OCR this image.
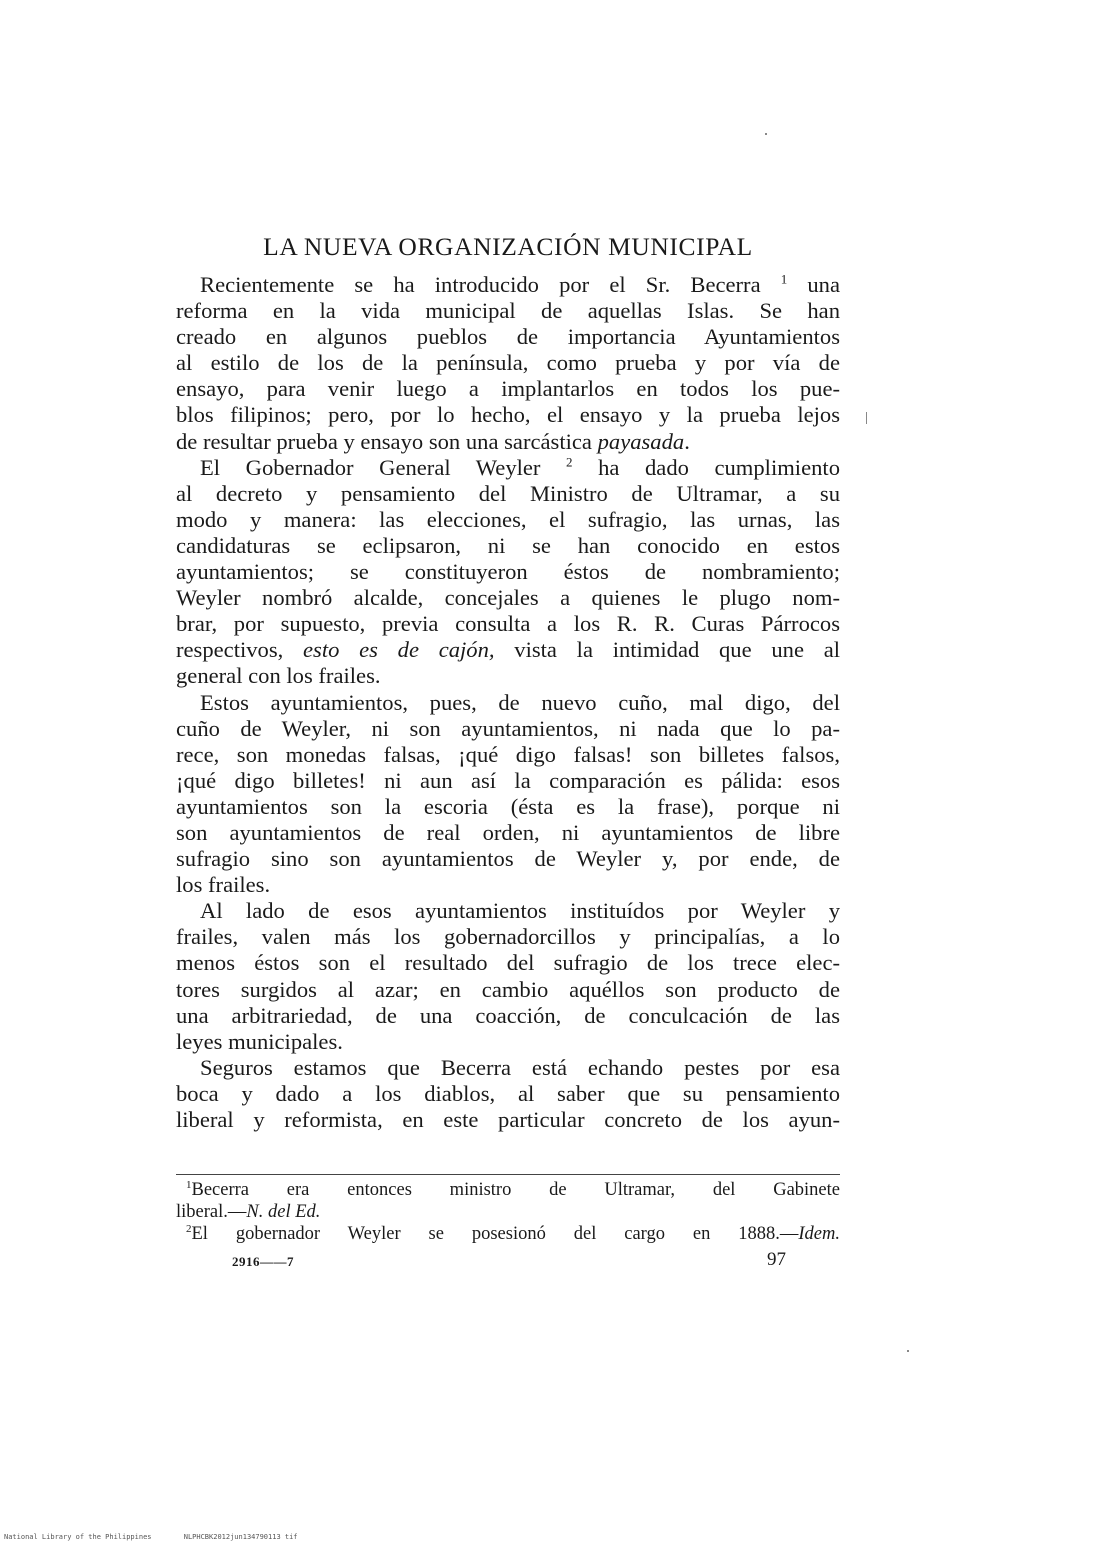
LA NUEVA ORGANIZACIÓN MUNICIPAL
Recientemente se ha introducido por el Sr. Becerra $^1$ una
reforma en la vida municipal de aquellas Islas. Se han
creado en algunos pueblos de importancia Ayuntamientos
al estilo de los de la península, como prueba y por vía de
ensayo, para venir luego a implantarlos en todos los pue-
blos filipinos; pero, por lo hecho, el ensayo y la prueba lejos
de resultar prueba y ensayo son una sarcástica payasada.
El Gobernador General Weyler $^2$ ha dado cumplimiento
al decreto y pensamiento del Ministro de Ultramar, a su
modo y manera: las elecciones, el sufragio, las urnas, las
candidaturas se eclipsaron, ni se han conocido en estos
ayuntamientos; se constituyeron éstos de nombramiento;
Weyler nombró alcalde, concejales a quienes le plugo nom-
brar, por supuesto, previa consulta a los R. R. Curas Párrocos
respectivos, esto es de cajón, vista la intimidad que une al
general con los frailes.
Estos ayuntamientos, pues, de nuevo cuño, mal digo, del
cuño de Weyler, ni son ayuntamientos, ni nada que lo pa-
rece, son monedas falsas, ¡qué digo falsas! son billetes falsos,
¡qué digo billetes! ni aun así la comparación es pálida: esos
ayuntamientos son la escoria (ésta es la frase), porque ni
son ayuntamientos de real orden, ni ayuntamientos de libre
sufragio sino son ayuntamientos de Weyler y, por ende, de
los frailes.
Al lado de esos ayuntamientos instituídos por Weyler y
frailes, valen más los gobernadorcillos y principalías, a lo
menos éstos son el resultado del sufragio de los trece elec-
tores surgidos al azar; en cambio aquéllos son producto de
una arbitrariedad, de una coacción, de conculcación de las
leyes municipales.
Seguros estamos que Becerra está echando pestes por esa
boca y dado a los diablos, al saber que su pensamiento
liberal y reformista, en este particular concreto de los ayun-
$^1$Becerra era entonces ministro de Ultramar, del Gabinete
liberal.—N. del Ed.
$^2$El gobernador Weyler se posesionó del cargo en 1888.—Idem.
2916——7	97
National Library of the Philippines	NLPHCBK2012jun134790113 tif
